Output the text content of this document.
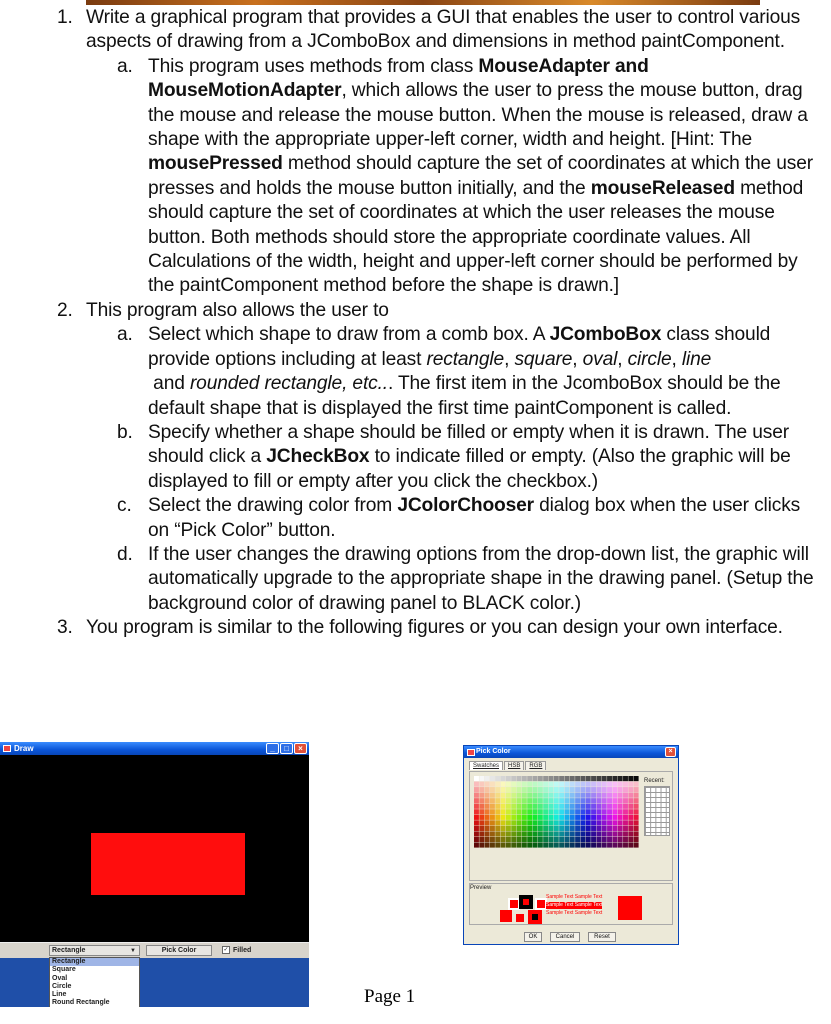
1. Write a graphical program that provides a GUI that enables the user to control various aspects of drawing from a JComboBox and dimensions in method paintComponent.
a. This program uses methods from class MouseAdapter and MouseMotionAdapter, which allows the user to press the mouse button, drag the mouse and release the mouse button. When the mouse is released, draw a shape with the appropriate upper-left corner, width and height. [Hint: The mousePressed method should capture the set of coordinates at which the user presses and holds the mouse button initially, and the mouseReleased method should capture the set of coordinates at which the user releases the mouse button. Both methods should store the appropriate coordinate values. All Calculations of the width, height and upper-left corner should be performed by the paintComponent method before the shape is drawn.]
2. This program also allows the user to
a. Select which shape to draw from a comb box. A JComboBox class should provide options including at least rectangle, square, oval, circle, line and rounded rectangle, etc... The first item in the JcomboBox should be the default shape that is displayed the first time paintComponent is called.
b. Specify whether a shape should be filled or empty when it is drawn. The user should click a JCheckBox to indicate filled or empty. (Also the graphic will be displayed to fill or empty after you click the checkbox.)
c. Select the drawing color from JColorChooser dialog box when the user clicks on “Pick Color” button.
d. If the user changes the drawing options from the drop-down list, the graphic will automatically upgrade to the appropriate shape in the drawing panel. (Setup the background color of drawing panel to BLACK color.)
3. You program is similar to the following figures or you can design your own interface.
Draw	_	□	×
Rectangle	▼	Pick Color	✓ Filled
Rectangle
Square
Oval
Circle
Line
Round Rectangle
Pick Color	×
Swatches	HSB	RGB
Recent:
Preview
Sample Text Sample Text
Sample Text Sample Text
Sample Text Sample Text
OK	Cancel	Reset
Page 1
